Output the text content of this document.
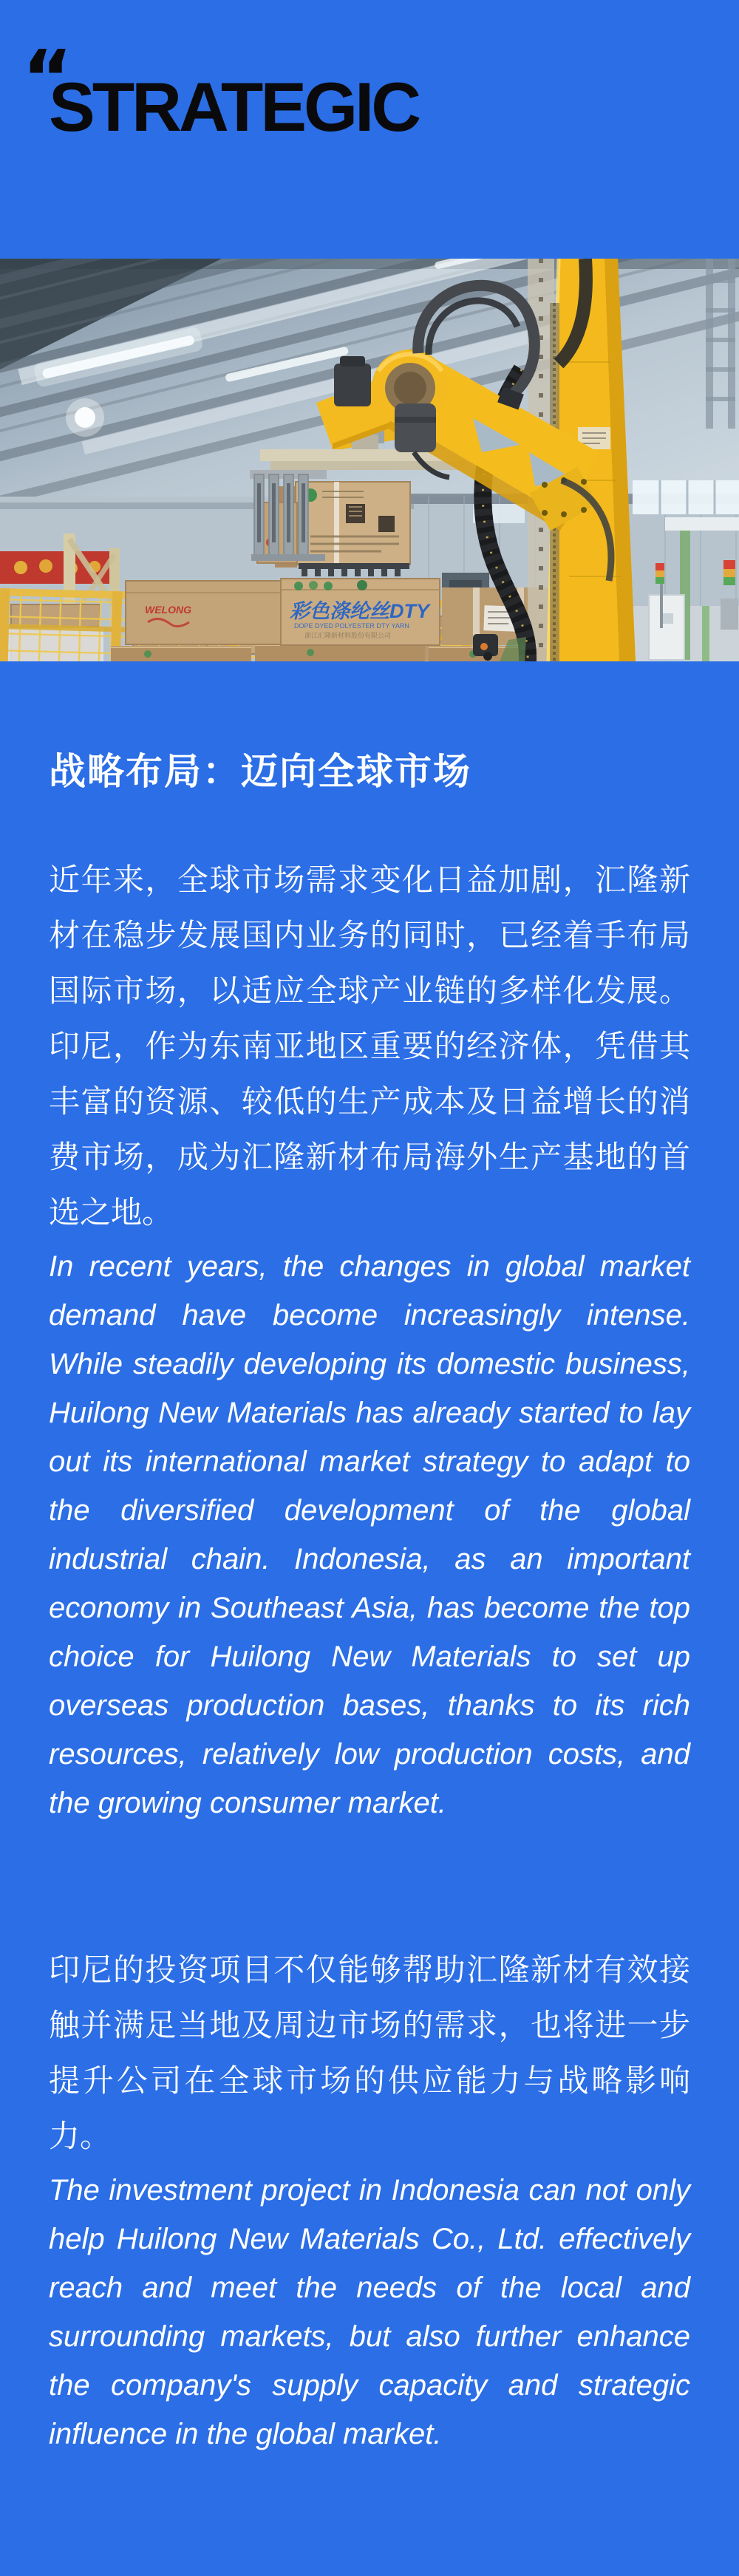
“
STRATEGIC
WELONG	彩色涤纶丝DTY
DOPE DYED POLYESTER DTY YARN
浙江汇隆新材料股份有限公司
战略布局：迈向全球市场
近年来，全球市场需求变化日益加剧，汇隆新材在稳步发展国内业务的同时，已经着手布局国际市场，以适应全球产业链的多样化发展。印尼，作为东南亚地区重要的经济体，凭借其丰富的资源、较低的生产成本及日益增长的消费市场，成为汇隆新材布局海外生产基地的首选之地。
In recent years, the changes in global market demand have become increasingly intense. While steadily developing its domestic business, Huilong New Materials has already started to lay out its international market strategy to adapt to the diversified development of the global industrial chain. Indonesia, as an important economy in Southeast Asia, has become the top choice for Huilong New Materials to set up overseas production bases, thanks to its rich resources, relatively low production costs, and the growing consumer market.
印尼的投资项目不仅能够帮助汇隆新材有效接触并满足当地及周边市场的需求，也将进一步提升公司在全球市场的供应能力与战略影响力。
The investment project in Indonesia can not only help Huilong New Materials Co., Ltd. effectively reach and meet the needs of the local and surrounding markets, but also further enhance the company's supply capacity and strategic influence in the global market.
